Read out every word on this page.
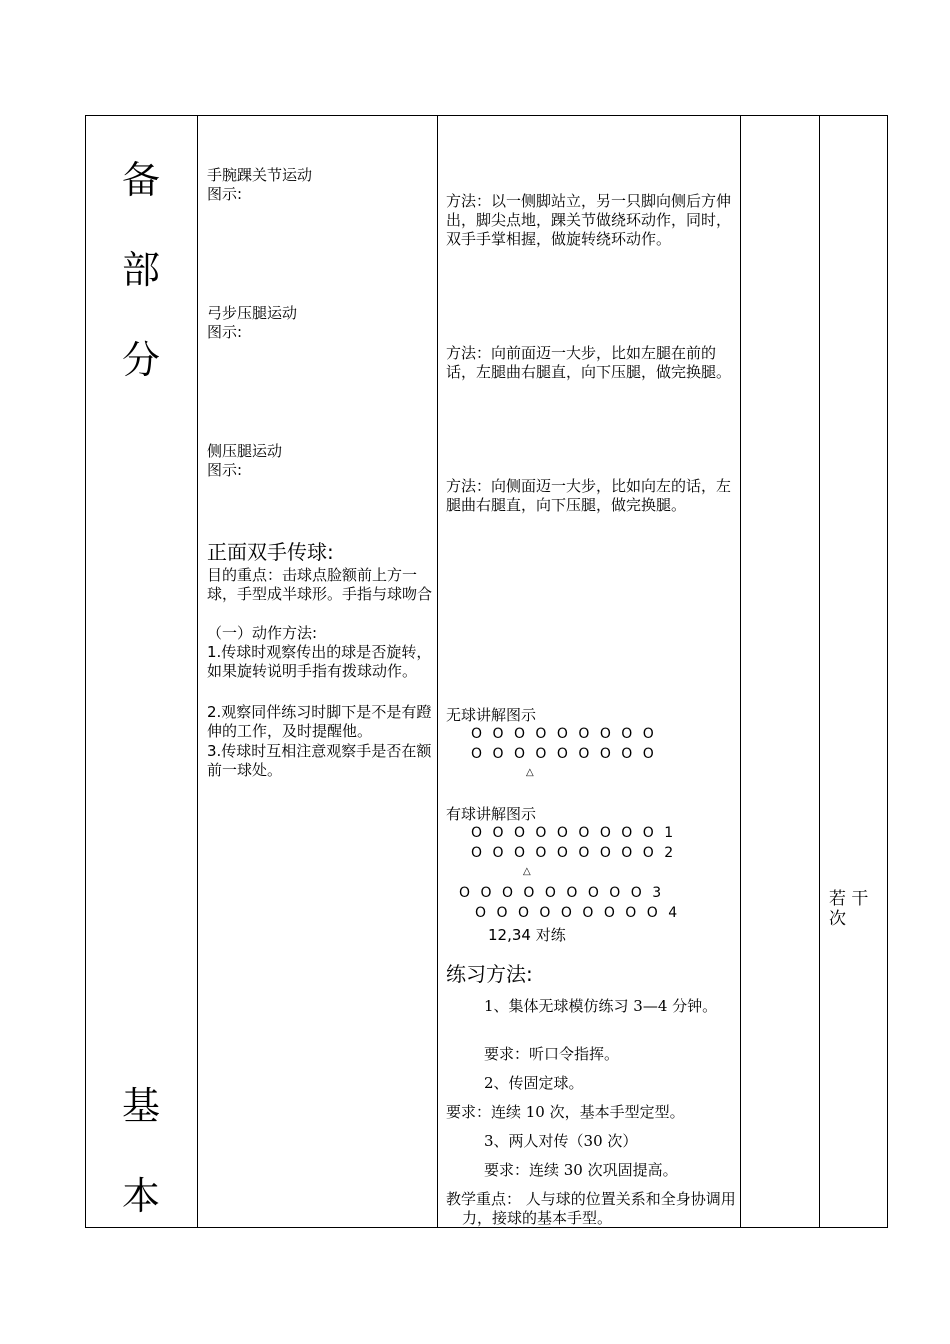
备
部
分
基
本
手腕踝关节运动
图示:
弓步压腿运动
图示:
侧压腿运动
图示:
正面双手传球:
目的重点：击球点脸额前上方一球，手型成半球形。手指与球吻合
（一）动作方法:
1.传球时观察传出的球是否旋转，如果旋转说明手指有拨球动作。
2.观察同伴练习时脚下是不是有蹬伸的工作，及时提醒他。
3.传球时互相注意观察手是否在额前一球处。
方法：以一侧脚站立，另一只脚向侧后方伸出，脚尖点地，踝关节做绕环动作，同时，双手手掌相握，做旋转绕环动作。
方法：向前面迈一大步，比如左腿在前的话，左腿曲右腿直，向下压腿，做完换腿。
方法：向侧面迈一大步，比如向左的话，左腿曲右腿直，向下压腿，做完换腿。
无球讲解图示
O O O O O O O O O
O O O O O O O O O
△
有球讲解图示
O O O O O O O O O 1
O O O O O O O O O 2
△
O O O O O O O O O 3
O O O O O O O O O 4
12,34 对练
练习方法:
1、集体无球模仿练习 3—4 分钟。
要求：听口令指挥。
2、传固定球。
要求：连续 10 次，基本手型定型。
3、两人对传（30 次）
要求：连续 30 次巩固提高。
教学重点： 人与球的位置关系和全身协调用力，接球的基本手型。
若 干
次
